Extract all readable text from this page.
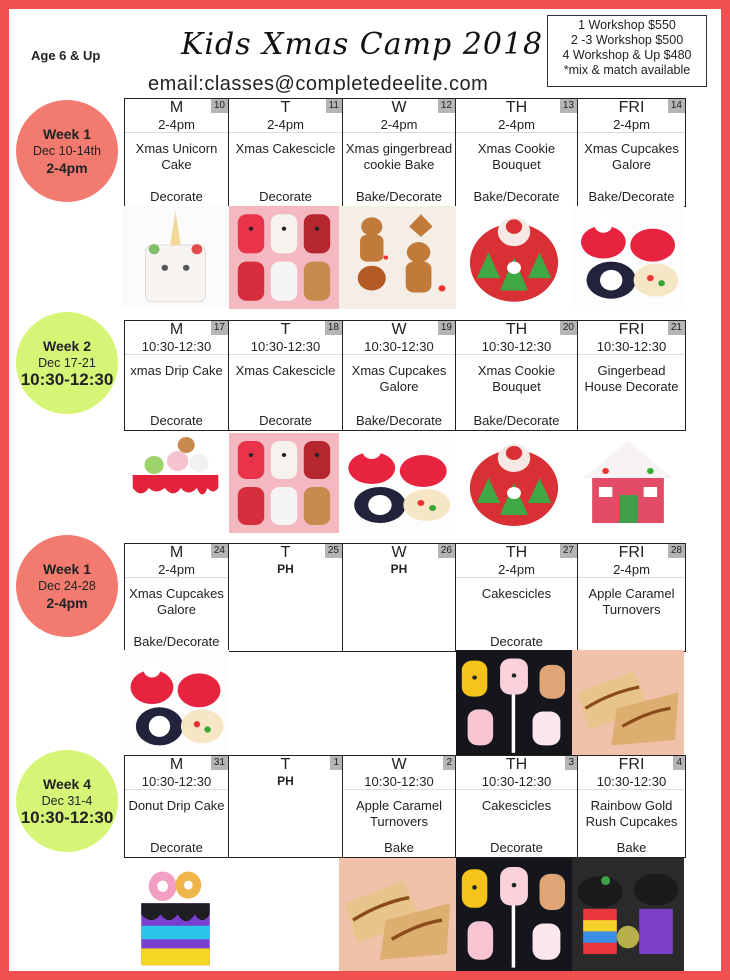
Age 6 & Up	Kids Xmas Camp 2018
email:classes@completedeelite.com
1 Workshop $550
2 -3 Workshop $500
4 Workshop & Up $480
*mix & match available
Week 1
Dec 10-14th
2-4pm
M	10
2-4pm
Xmas Unicorn Cake
Decorate
T	11
2-4pm
Xmas Cakescicle
Decorate
W	12
2-4pm
Xmas gingerbread cookie Bake
Bake/Decorate
TH	13
2-4pm
Xmas Cookie Bouquet
Bake/Decorate
FRI	14
2-4pm
Xmas Cupcakes Galore
Bake/Decorate
Week 2
Dec 17-21
10:30-12:30
M	17
10:30-12:30
xmas Drip Cake
Decorate
T	18
10:30-12:30
Xmas Cakescicle
Decorate
W	19
10:30-12:30
Xmas Cupcakes Galore
Bake/Decorate
TH	20
10:30-12:30
Xmas Cookie Bouquet
Bake/Decorate
FRI	21
10:30-12:30
Gingerbead House Decorate
Week 1
Dec 24-28
2-4pm
M	24
2-4pm
Xmas Cupcakes Galore
Bake/Decorate
T	25
PH
W	26
PH
TH	27
2-4pm
Cakescicles
Decorate
FRI	28
2-4pm
Apple Caramel Turnovers
Week 4
Dec 31-4
10:30-12:30
M	31
10:30-12:30
Donut Drip Cake
Decorate
T	1
PH
W	2
10:30-12:30
Apple Caramel Turnovers
Bake
TH	3
10:30-12:30
Cakescicles
Decorate
FRI	4
10:30-12:30
Rainbow Gold Rush Cupcakes
Bake
